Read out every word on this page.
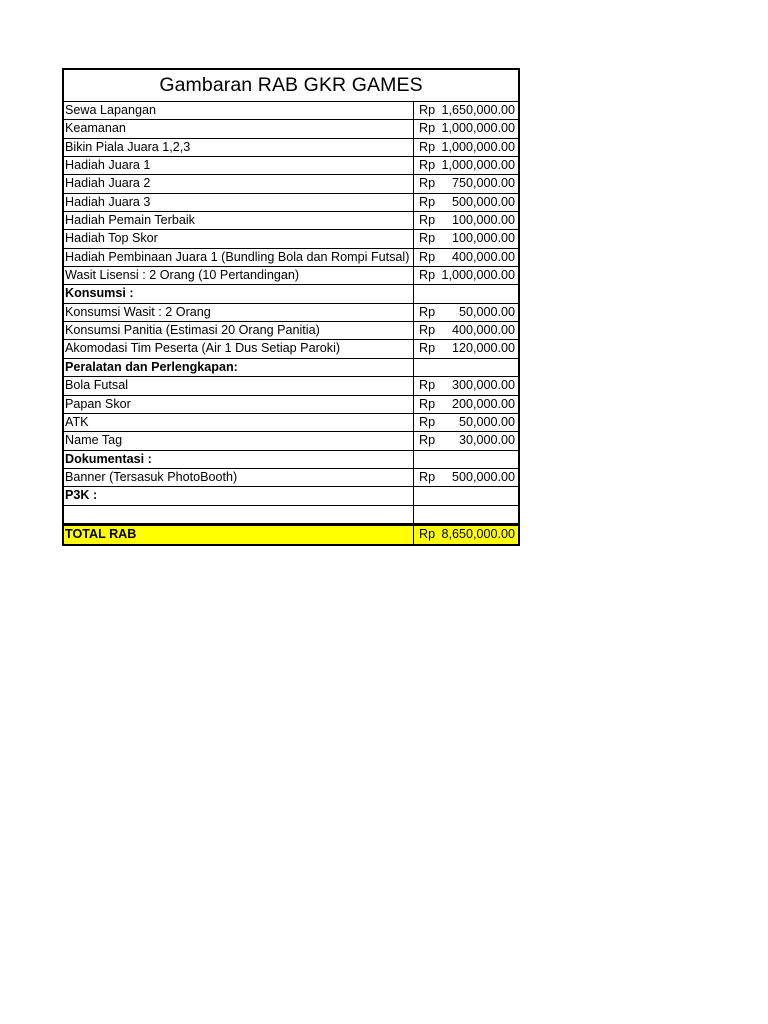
Gambaran RAB GKR GAMES
Sewa Lapangan	Rp 1,650,000.00
Keamanan	Rp 1,000,000.00
Bikin Piala Juara 1,2,3	Rp 1,000,000.00
Hadiah Juara 1	Rp 1,000,000.00
Hadiah Juara 2	Rp 750,000.00
Hadiah Juara 3	Rp 500,000.00
Hadiah Pemain Terbaik	Rp 100,000.00
Hadiah Top Skor	Rp 100,000.00
Hadiah Pembinaan Juara 1 (Bundling Bola dan Rompi Futsal) Rp 400,000.00
Wasit Lisensi : 2 Orang (10 Pertandingan)	Rp 1,000,000.00
Konsumsi :
Konsumsi Wasit : 2 Orang	Rp 50,000.00
Konsumsi Panitia (Estimasi 20 Orang Panitia)	Rp 400,000.00
Akomodasi Tim Peserta (Air 1 Dus Setiap Paroki)	Rp 120,000.00
Peralatan dan Perlengkapan:
Bola Futsal	Rp 300,000.00
Papan Skor	Rp 200,000.00
ATK	Rp 50,000.00
Name Tag	Rp 30,000.00
Dokumentasi :
Banner (Tersasuk PhotoBooth)	Rp 500,000.00
P3K :
TOTAL RAB	Rp 8,650,000.00
